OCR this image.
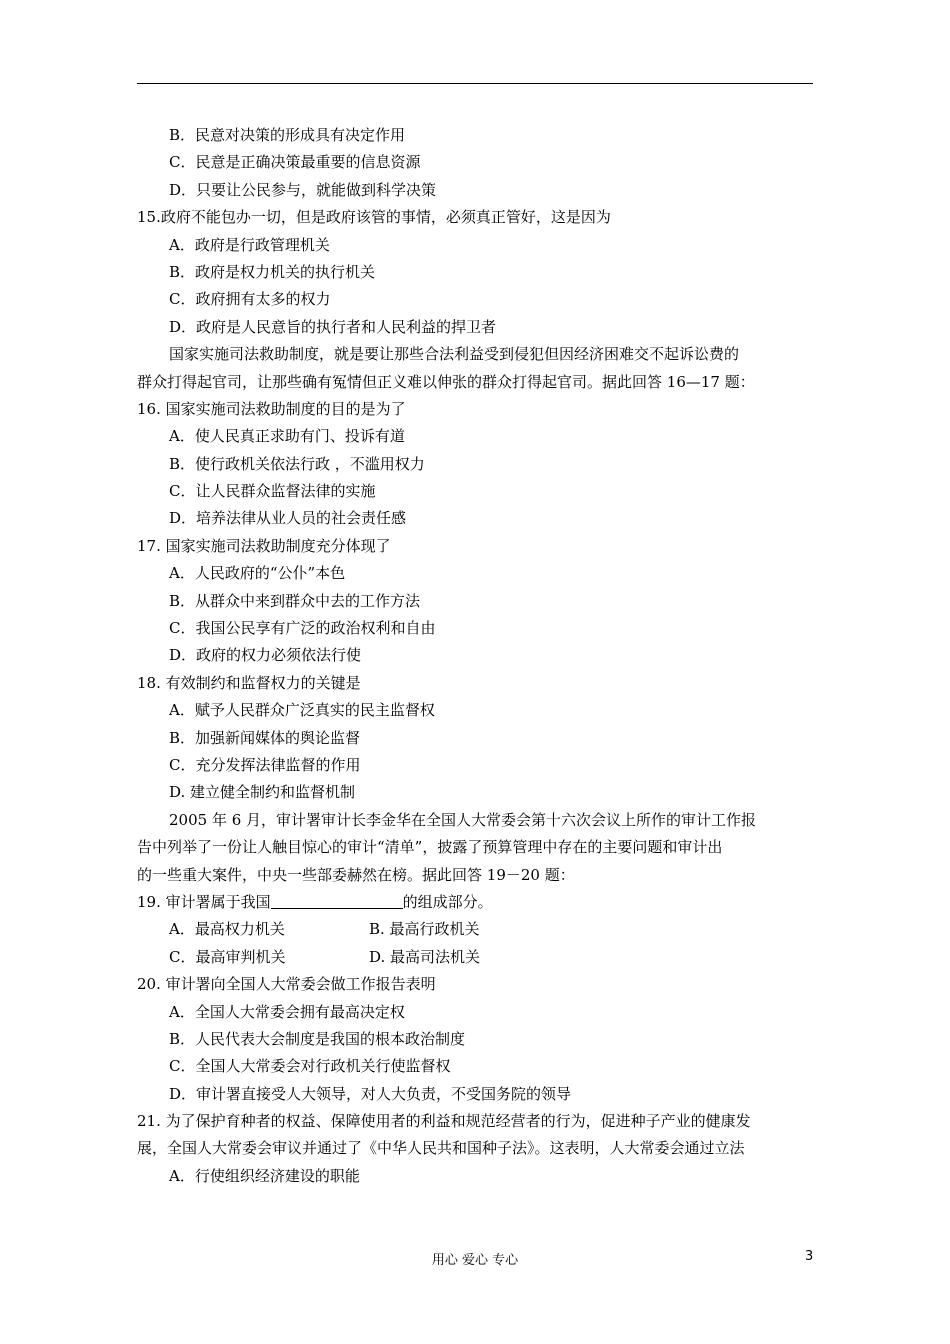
B．民意对决策的形成具有决定作用
C．民意是正确决策最重要的信息资源
D．只要让公民参与，就能做到科学决策
15.政府不能包办一切，但是政府该管的事情，必须真正管好，这是因为
A．政府是行政管理机关
B．政府是权力机关的执行机关
C．政府拥有太多的权力
D．政府是人民意旨的执行者和人民利益的捍卫者
国家实施司法救助制度，就是要让那些合法利益受到侵犯但因经济困难交不起诉讼费的
群众打得起官司，让那些确有冤情但正义难以伸张的群众打得起官司。据此回答 16—17 题：
16. 国家实施司法救助制度的目的是为了
A．使人民真正求助有门、投诉有道
B．使行政机关依法行政 ，不滥用权力
C．让人民群众监督法律的实施
D．培养法律从业人员的社会责任感
17. 国家实施司法救助制度充分体现了
A．人民政府的“公仆”本色
B．从群众中来到群众中去的工作方法
C．我国公民享有广泛的政治权利和自由
D．政府的权力必须依法行使
18. 有效制约和监督权力的关键是
A．赋予人民群众广泛真实的民主监督权
B．加强新闻媒体的舆论监督
C．充分发挥法律监督的作用
D. 建立健全制约和监督机制
2005 年 6 月，审计署审计长李金华在全国人大常委会第十六次会议上所作的审计工作报
告中列举了一份让人触目惊心的审计“清单”，披露了预算管理中存在的主要问题和审计出
的一些重大案件，中央一些部委赫然在榜。据此回答 19－20 题：
19. 审计署属于我国	的组成部分。
A．最高权力机关	B. 最高行政机关
C．最高审判机关	D. 最高司法机关
20. 审计署向全国人大常委会做工作报告表明
A．全国人大常委会拥有最高决定权
B．人民代表大会制度是我国的根本政治制度
C．全国人大常委会对行政机关行使监督权
D．审计署直接受人大领导，对人大负责，不受国务院的领导
21. 为了保护育种者的权益、保障使用者的利益和规范经营者的行为，促进种子产业的健康发
展，全国人大常委会审议并通过了《中华人民共和国种子法》。这表明，人大常委会通过立法
A．行使组织经济建设的职能
用心 爱心 专心	3
